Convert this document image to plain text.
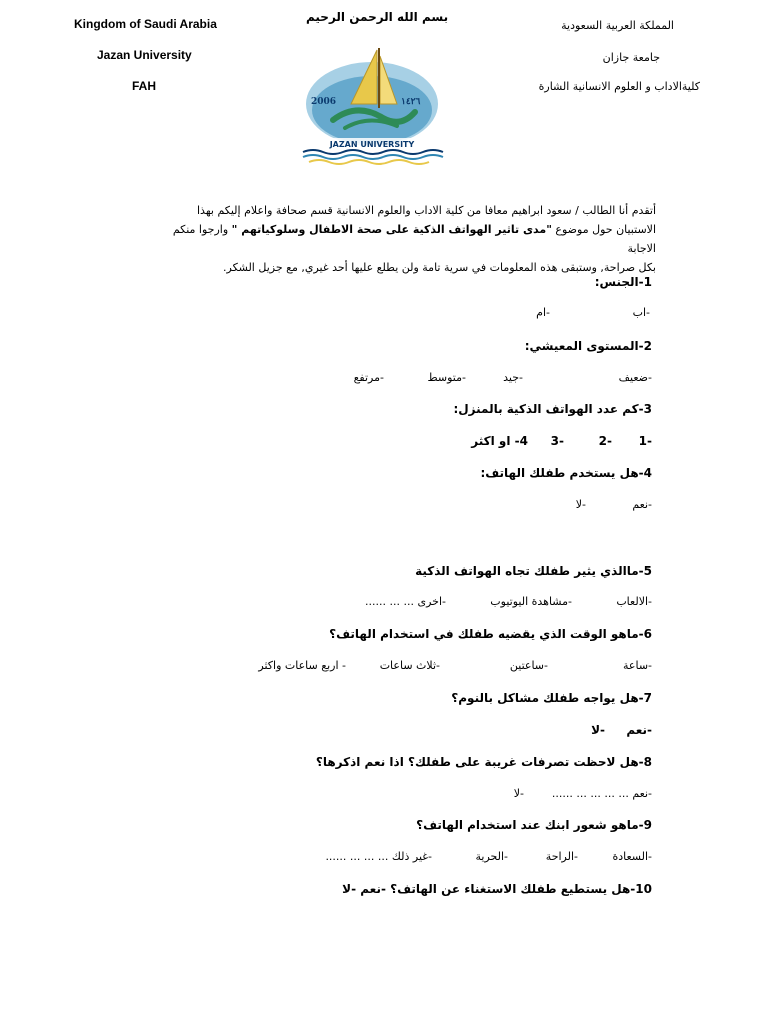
Kingdom of Saudi Arabia
Jazan University
FAH
بسم الله الرحمن الرحيم
المملكة العربية السعودية
جامعة جازان
كليةالاداب و العلوم الانسانية الشارة
2006	١٤٢٦
JAZAN UNIVERSITY
أتقدم أنا الطالب / سعود ابراهيم معافا من كلية الاداب والعلوم الانسانية قسم صحافة واعلام إليكم بهذا
الاستبيان حول موضوع "مدى تاثير الهواتف الذكية على صحة الاطفال وسلوكياتهم " وارجوا منكم الاجابة
بكل صراحة, وستبقى هذه المعلومات في سرية تامة ولن يطلع عليها أحد غيري, مع جزيل الشكر.
1-الجنس:
-اب
-ام
2-المستوى المعيشي:
-ضعيف
-جيد
-متوسط
-مرتفع
3-كم عدد الهواتف الذكية بالمنزل:
1-
2-
3-
4- او اكثر
4-هل يستخدم طفلك الهاتف:
-نعم
-لا
5-ماالذي يثير طفلك تجاه الهواتف الذكية
-الالعاب
-مشاهدة اليوتيوب
-اخرى ... ... ......
6-ماهو الوقت الذي يقضيه طفلك في استخدام الهاتف؟
-ساعة
-ساعتين
-ثلاث ساعات
- اربع ساعات واكثر
7-هل يواجه طفلك مشاكل بالنوم؟
-نعم
-لا
8-هل لاحظت تصرفات غريبة على طفلك؟ اذا نعم اذكرها؟
-نعم ... ... ... ... ......
-لا
9-ماهو شعور ابنك عند استخدام الهاتف؟
-السعادة
-الراحة
-الحرية
-غير ذلك ... ... ... ......
10-هل يستطيع طفلك الاستغناء عن الهاتف؟ -نعم -لا
